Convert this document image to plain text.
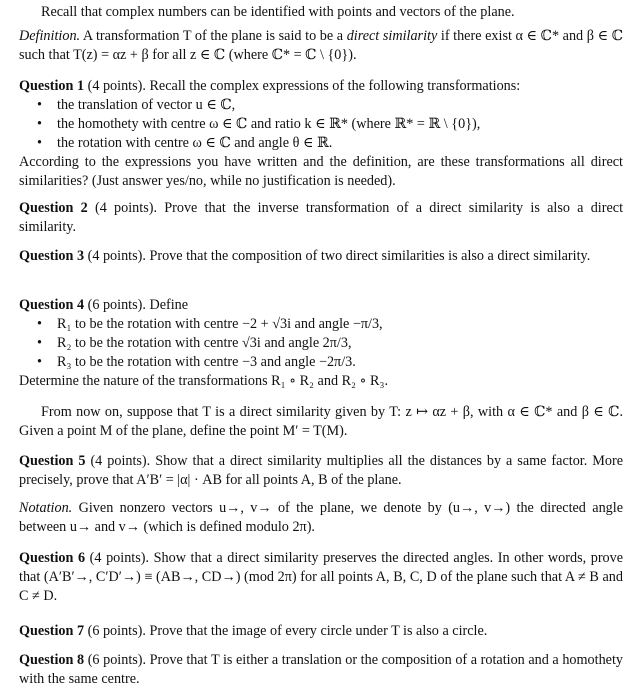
Recall that complex numbers can be identified with points and vectors of the plane.
Definition. A transformation T of the plane is said to be a direct similarity if there exist α ∈ ℂ* and β ∈ ℂ such that T(z) = αz + β for all z ∈ ℂ (where ℂ* = ℂ \ {0}).
Question 1 (4 points). Recall the complex expressions of the following transformations:
• the translation of vector u ∈ ℂ,
• the homothety with centre ω ∈ ℂ and ratio k ∈ ℝ* (where ℝ* = ℝ \ {0}),
• the rotation with centre ω ∈ ℂ and angle θ ∈ ℝ.
According to the expressions you have written and the definition, are these transformations all direct similarities? (Just answer yes/no, while no justification is needed).
Question 2 (4 points). Prove that the inverse transformation of a direct similarity is also a direct similarity.
Question 3 (4 points). Prove that the composition of two direct similarities is also a direct similarity.
Question 4 (6 points). Define
• R₁ to be the rotation with centre −2 + √3i and angle −π/3,
• R₂ to be the rotation with centre √3i and angle 2π/3,
• R₃ to be the rotation with centre −3 and angle −2π/3.
Determine the nature of the transformations R₁ ∘ R₂ and R₂ ∘ R₃.
From now on, suppose that T is a direct similarity given by T: z ↦ αz + β, with α ∈ ℂ* and β ∈ ℂ. Given a point M of the plane, define the point M′ = T(M).
Question 5 (4 points). Show that a direct similarity multiplies all the distances by a same factor. More precisely, prove that A′B′ = |α| · AB for all points A, B of the plane.
Notation. Given nonzero vectors u→, v→ of the plane, we denote by (u→, v→) the directed angle between u→ and v→ (which is defined modulo 2π).
Question 6 (4 points). Show that a direct similarity preserves the directed angles. In other words, prove that (A′B′→, C′D′→) ≡ (AB→, CD→) (mod 2π) for all points A, B, C, D of the plane such that A ≠ B and C ≠ D.
Question 7 (6 points). Prove that the image of every circle under T is also a circle.
Question 8 (6 points). Prove that T is either a translation or the composition of a rotation and a homothety with the same centre.
